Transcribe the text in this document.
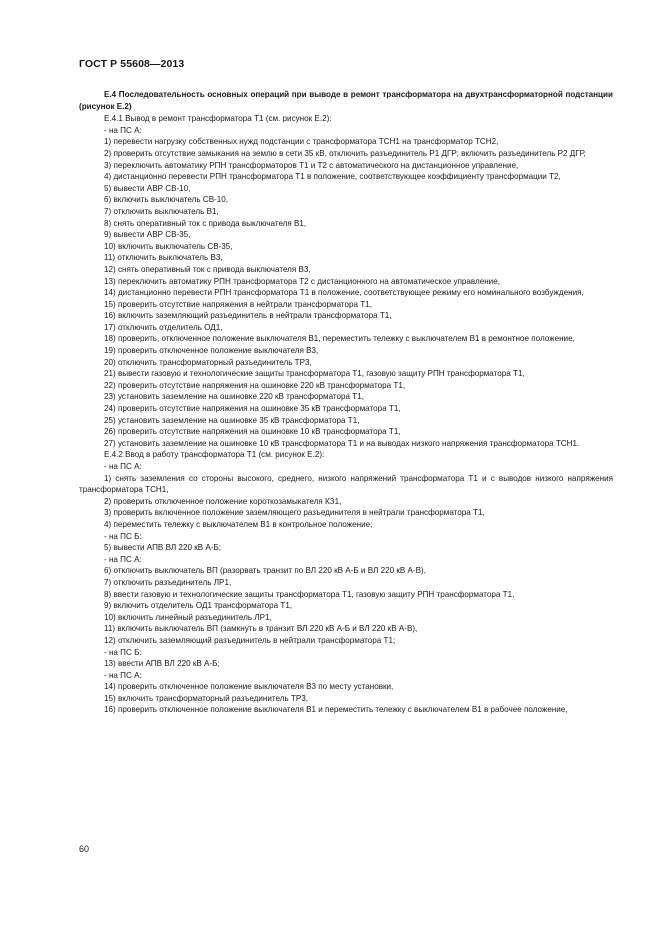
ГОСТ Р 55608—2013
Е.4 Последовательность основных операций при выводе в ремонт трансформатора на двухтрансформаторной подстанции (рисунок Е.2)
Е.4.1 Вывод в ремонт трансформатора Т1 (см. рисунок Е.2):
- на ПС А:
1) перевести нагрузку собственных нужд подстанции с трансформатора ТСН1 на трансформатор ТСН2,
2) проверить отсутствие замыкания на землю в сети 35 кВ, отключить разъединитель Р1 ДГР; включить разъединитель Р2 ДГР,
3) переключить автоматику РПН трансформаторов Т1 и Т2 с автоматического на дистанционное управление,
4) дистанционно перевести РПН трансформатора Т1 в положение, соответствующее коэффициенту трансформации Т2,
5) вывести АВР СВ-10,
6) включить выключатель СВ-10,
7) отключить выключатель В1,
8) снять оперативный ток с привода выключателя В1,
9) вывести АВР СВ-35,
10) включить выключатель СВ-35,
11) отключить выключатель В3,
12) снять оперативный ток с привода выключателя В3,
13) переключить автоматику РПН трансформатора Т2 с дистанционного на автоматическое управление,
14) дистанционно перевести РПН трансформатора Т1 в положение, соответствующее режиму его номинального возбуждения,
15) проверить отсутствие напряжения в нейтрали трансформатора Т1,
16) включить заземляющий разъединитель в нейтрали трансформатора Т1,
17) отключить отделитель ОД1,
18) проверить, отключенное положение выключателя В1, переместить тележку с выключателем В1 в ремонтное положение,
19) проверить отключенное положение выключателя В3,
20) отключить трансформаторный разъединитель ТР3,
21) вывести газовую и технологические защиты трансформатора Т1, газовую защиту РПН трансформатора Т1,
22) проверить отсутствие напряжения на ошиновке 220 кВ трансформатора Т1,
23) установить заземление на ошиновке 220 кВ трансформатора Т1,
24) проверить отсутствие напряжения на ошиновке 35 кВ трансформатора Т1,
25) установить заземление на ошиновке 35 кВ трансформатора Т1,
26) проверить отсутствие напряжения на ошиновке 10 кВ трансформатора Т1,
27) установить заземление на ошиновке 10 кВ трансформатора Т1 и на выводах низкого напряжения трансформатора ТСН1.
Е.4.2 Ввод в работу трансформатора Т1 (см. рисунок Е.2):
- на ПС А:
1) снять заземления со стороны высокого, среднего, низкого напряжений трансформатора Т1 и с выводов низкого напряжения трансформатора ТСН1,
2) проверить отключенное положение короткозамыкателя КЗ1,
3) проверить включенное положение заземляющего разъединителя в нейтрали трансформатора Т1,
4) переместить тележку с выключателем В1 в контрольное положение;
- на ПС Б:
5) вывести АПВ ВЛ 220 кВ А-Б;
- на ПС А:
6) отключить выключатель ВП (разорвать транзит по ВЛ 220 кВ А-Б и ВЛ 220 кВ А-В),
7) отключить разъединитель ЛР1,
8) ввести газовую и технологические защиты трансформатора Т1, газовую защиту РПН трансформатора Т1,
9) включить отделитель ОД1 трансформатора Т1,
10) включить линейный разъединитель ЛР1,
11) включить выключатель ВП (замкнуть в транзит ВЛ 220 кВ А-Б и ВЛ 220 кВ А-В),
12) отключить заземляющий разъединитель в нейтрали трансформатора Т1;
- на ПС Б:
13) ввести АПВ ВЛ 220 кВ А-Б;
- на ПС А:
14) проверить отключенное положение выключателя В3 по месту установки,
15) включить трансформаторный разъединитель ТР3,
16) проверить отключенное положение выключателя В1 и переместить тележку с выключателем В1 в рабочее положение,
60
